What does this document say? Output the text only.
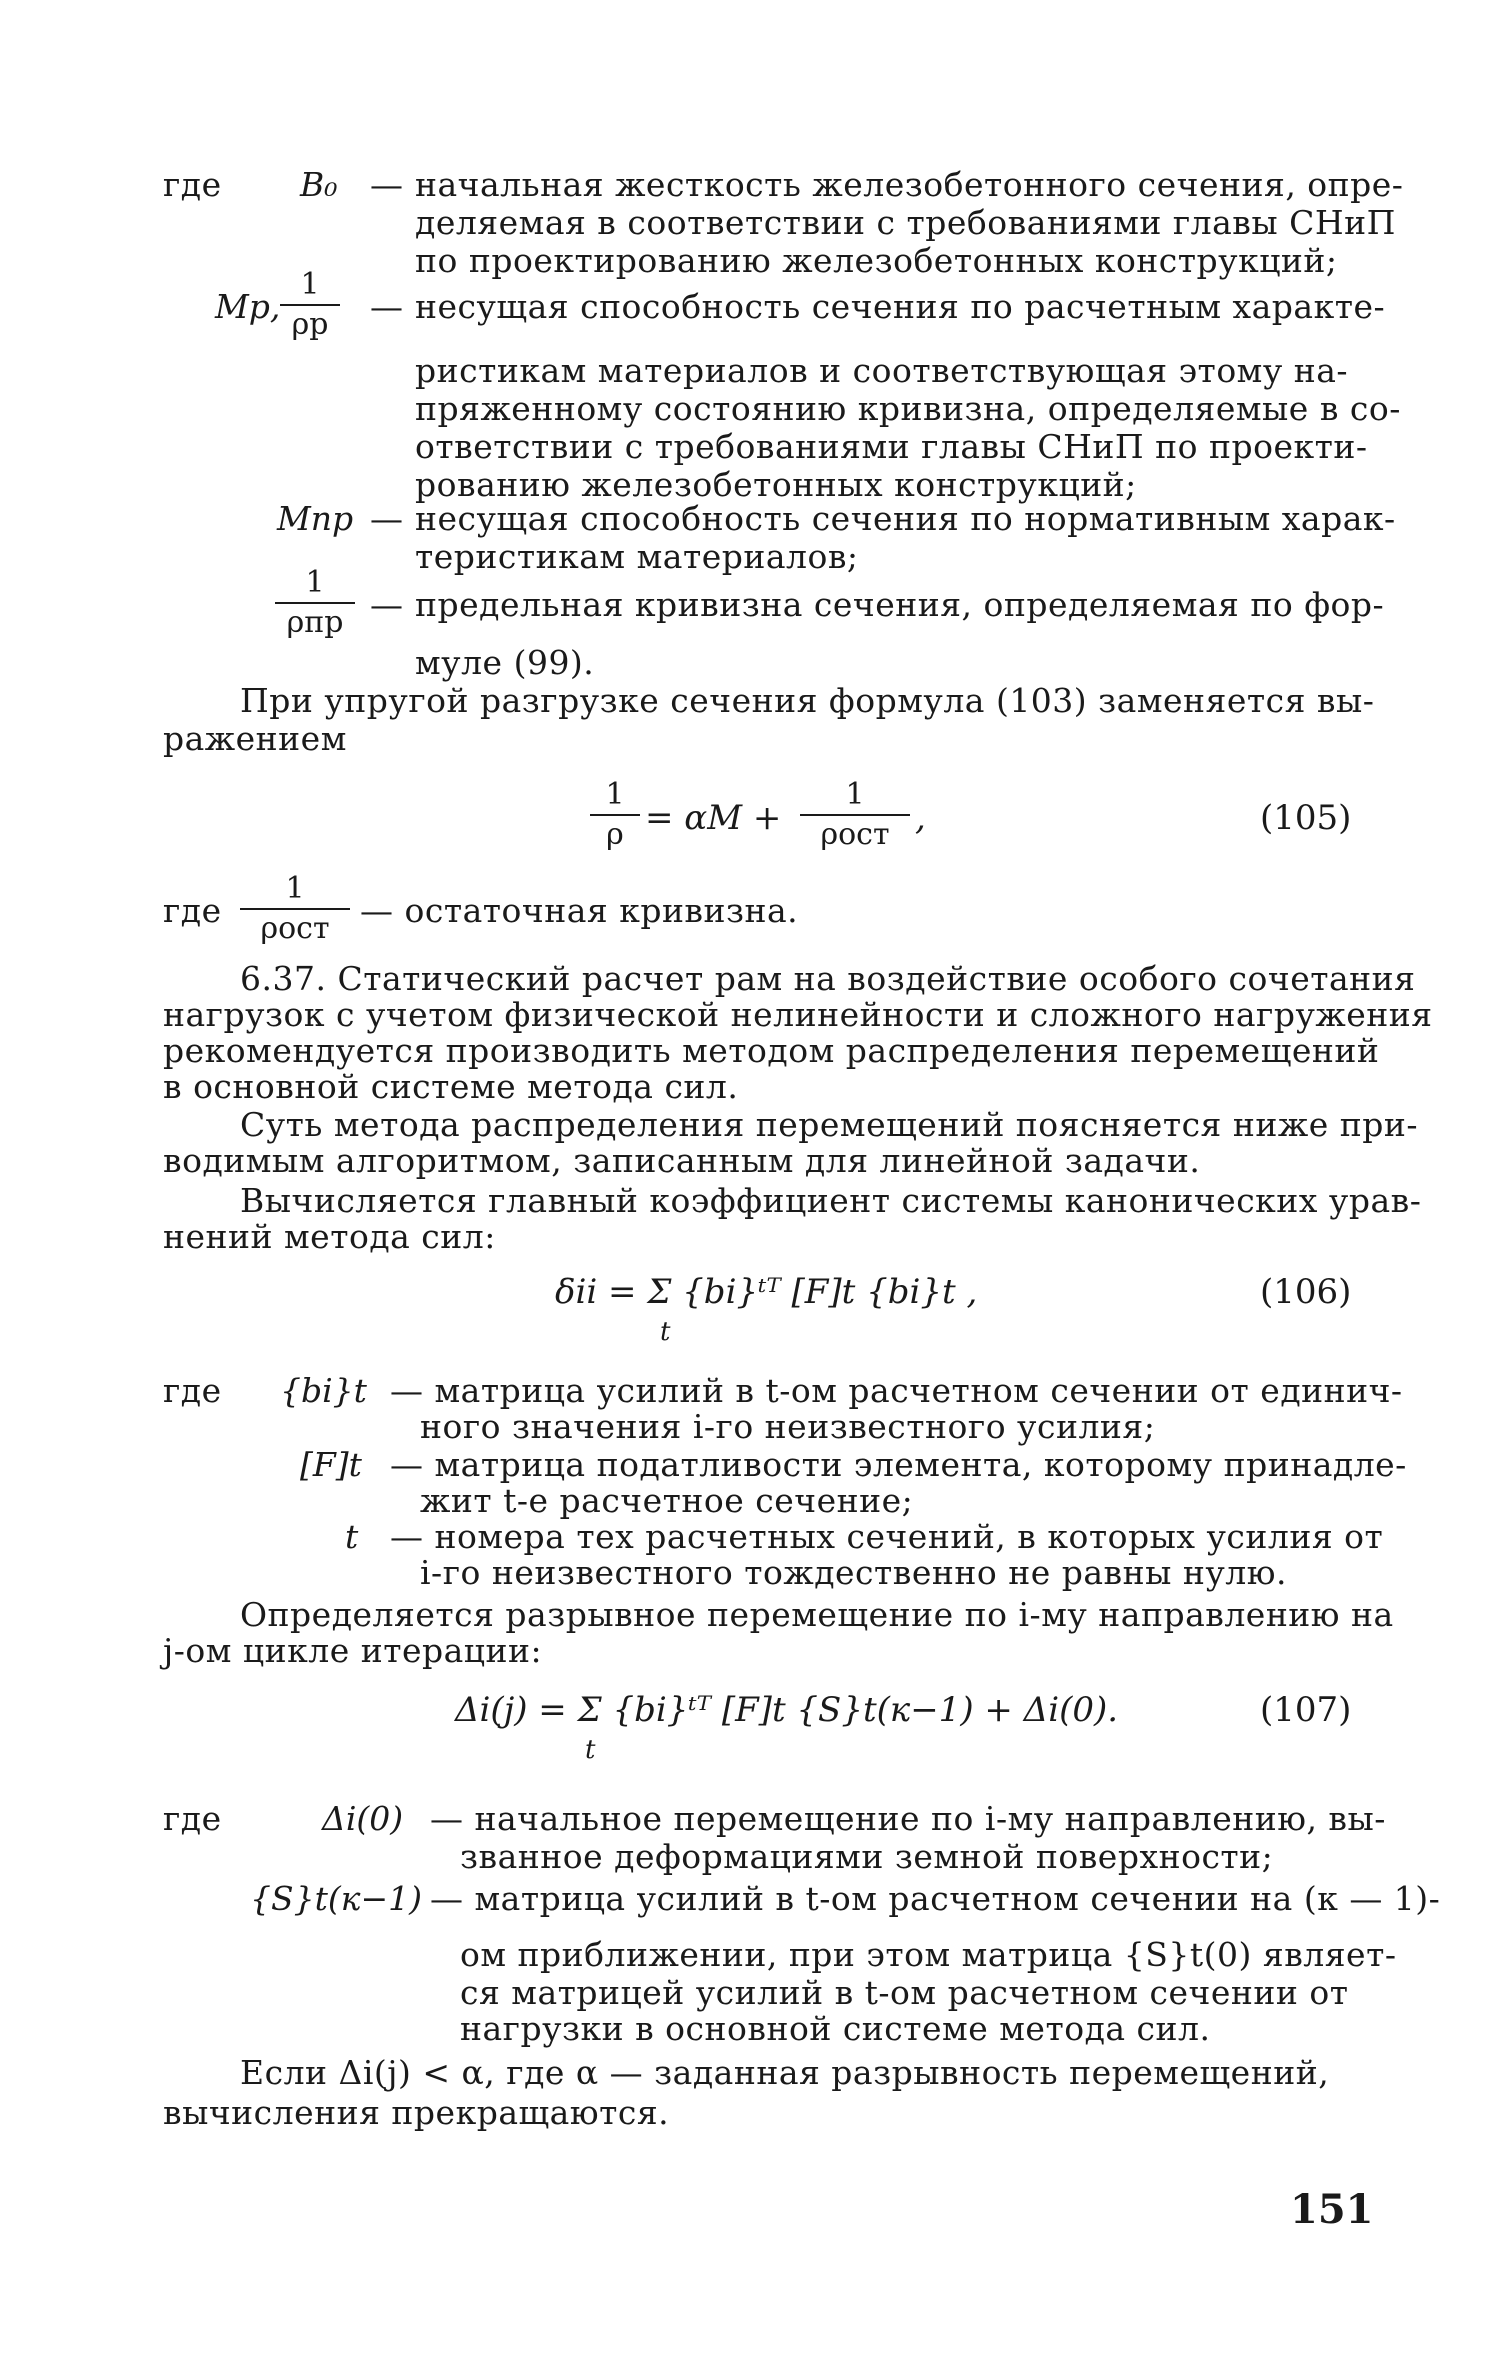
где B₀ — начальная жесткость железобетонного сечения, опре-
деляемая в соответствии с требованиями главы СНиП
по проектированию железобетонных конструкций;
Мр,
1
ρр	— несущая способность сечения по расчетным характе-
ристикам материалов и соответствующая этому на-
пряженному состоянию кривизна, определяемые в со-
ответствии с требованиями главы СНиП по проекти-
рованию железобетонных конструкций;
Мпр — несущая способность сечения по нормативным харак-
теристикам материалов;
1
ρпр — предельная кривизна сечения, определяемая по фор-
муле (99).
При упругой разгрузке сечения формула (103) заменяется вы-
ражением
1
ρ = αM +
1
ρост ,	(105)
где
1
ρост — остаточная кривизна.
6.37. Статический расчет рам на воздействие особого сочетания
нагрузок с учетом физической нелинейности и сложного нагружения
рекомендуется производить методом распределения перемещений
в основной системе метода сил.
Суть метода распределения перемещений поясняется ниже при-
водимым алгоритмом, записанным для линейной задачи.
Вычисляется главный коэффициент системы канонических урав-
нений метода сил:
δii = Σ {bi}ᵗᵀ [F]t {bi}t ,
t
(106)
где {bi}t — матрица усилий в t-ом расчетном сечении от единич-
ного значения i-го неизвестного усилия;
[F]t — матрица податливости элемента, которому принадле-
жит t-е расчетное сечение;
t — номера тех расчетных сечений, в которых усилия от
i-го неизвестного тождественно не равны нулю.
Определяется разрывное перемещение по i-му направлению на
j-ом цикле итерации:
Δi(j) = Σ {bi}ᵗᵀ [F]t {S}t(к−1) + Δi(0).
t
(107)
где	Δi(0) — начальное перемещение по i-му направлению, вы-
званное деформациями земной поверхности;
{S}t(к−1) — матрица усилий в t-ом расчетном сечении на (к — 1)-
ом приближении, при этом матрица {S}t(0) являет-
ся матрицей усилий в t-ом расчетном сечении от
нагрузки в основной системе метода сил.
Если Δi(j) < α, где α — заданная разрывность перемещений,
вычисления прекращаются.
151
